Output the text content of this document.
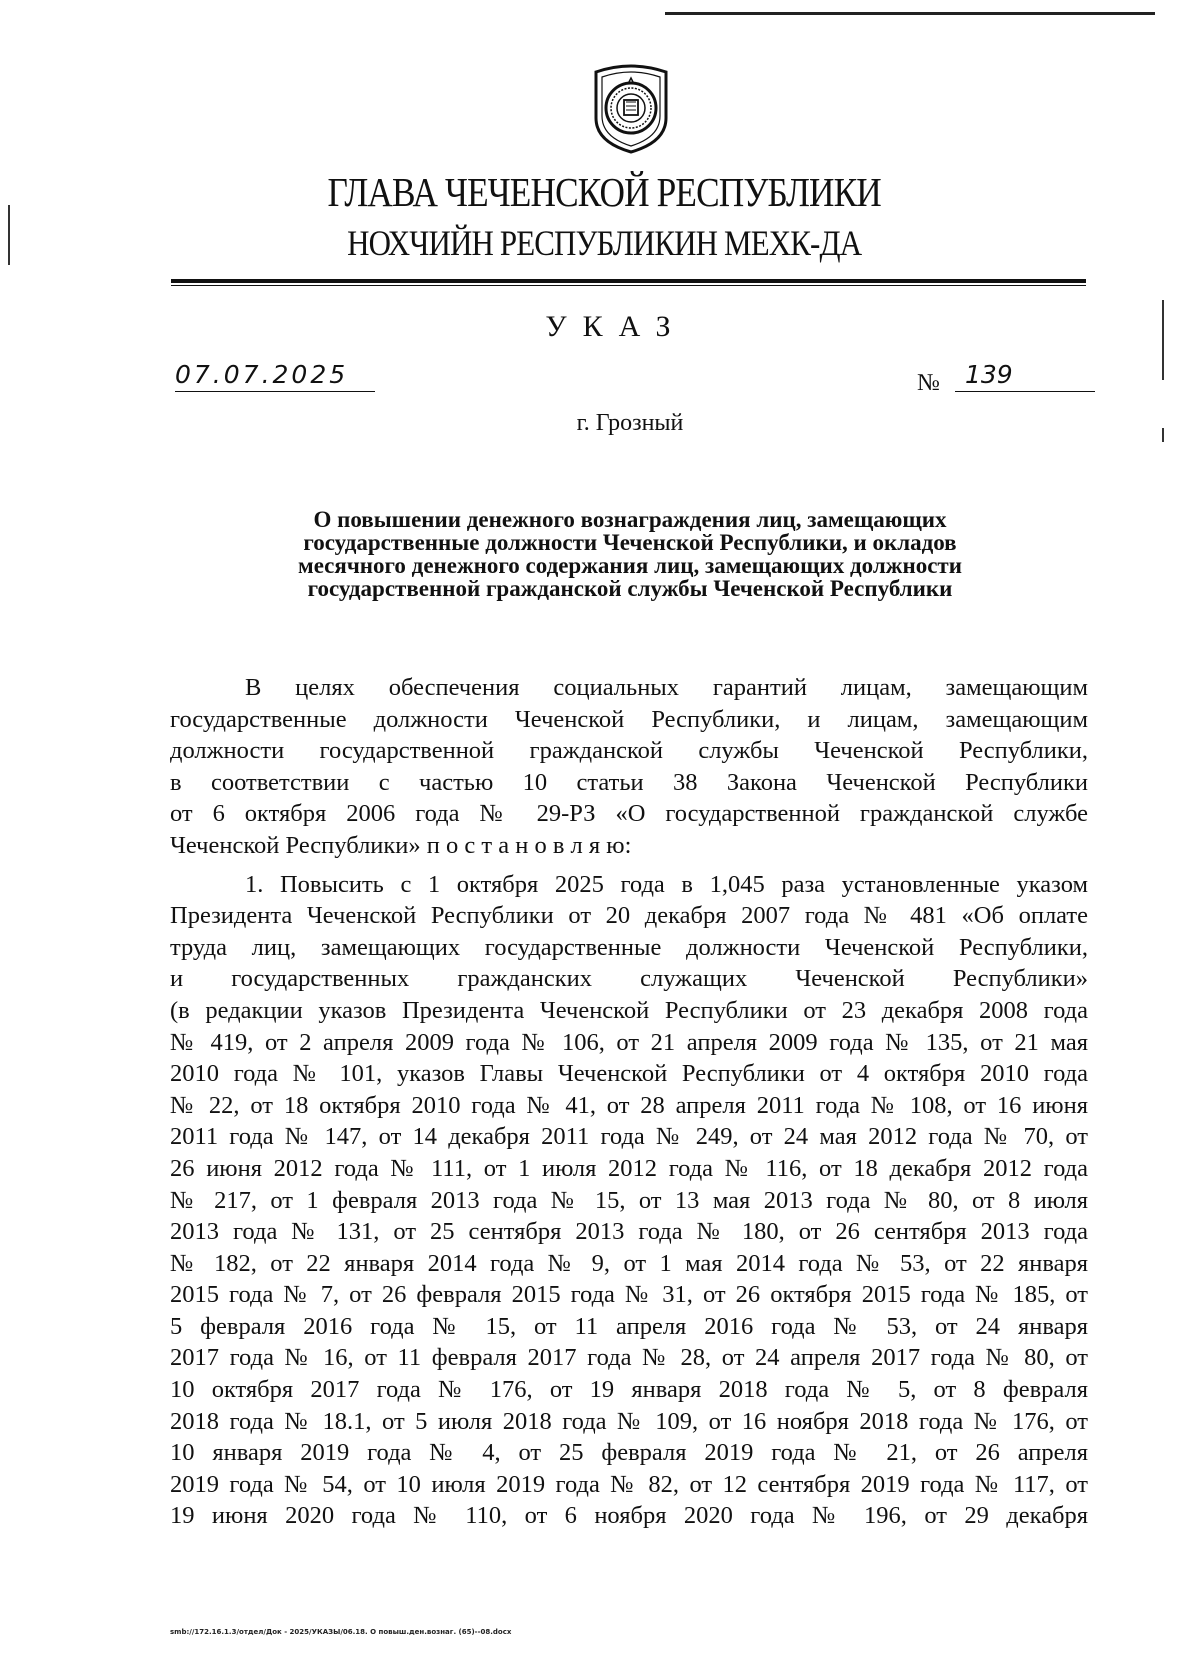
ГЛАВА ЧЕЧЕНСКОЙ РЕСПУБЛИКИ
НОХЧИЙН РЕСПУБЛИКИН МЕХК-ДА
УКАЗ
07.07.2025	№	139
г. Грозный
О повышении денежного вознаграждения лиц, замещающих
государственные должности Чеченской Республики, и окладов
месячного денежного содержания лиц, замещающих должности
государственной гражданской службы Чеченской Республики
В целях обеспечения социальных гарантий лицам, замещающим
государственные должности Чеченской Республики, и лицам, замещающим
должности государственной гражданской службы Чеченской Республики,
в соответствии с частью 10 статьи 38 Закона Чеченской Республики
от 6 октября 2006 года № 29-РЗ «О государственной гражданской службе
Чеченской Республики» п о с т а н о в л я ю:
1. Повысить с 1 октября 2025 года в 1,045 раза установленные указом
Президента Чеченской Республики от 20 декабря 2007 года № 481 «Об оплате
труда лиц, замещающих государственные должности Чеченской Республики,
и государственных гражданских служащих Чеченской Республики»
(в редакции указов Президента Чеченской Республики от 23 декабря 2008 года
№ 419, от 2 апреля 2009 года № 106, от 21 апреля 2009 года № 135, от 21 мая
2010 года № 101, указов Главы Чеченской Республики от 4 октября 2010 года
№ 22, от 18 октября 2010 года № 41, от 28 апреля 2011 года № 108, от 16 июня
2011 года № 147, от 14 декабря 2011 года № 249, от 24 мая 2012 года № 70, от
26 июня 2012 года № 111, от 1 июля 2012 года № 116, от 18 декабря 2012 года
№ 217, от 1 февраля 2013 года № 15, от 13 мая 2013 года № 80, от 8 июля
2013 года № 131, от 25 сентября 2013 года № 180, от 26 сентября 2013 года
№ 182, от 22 января 2014 года № 9, от 1 мая 2014 года № 53, от 22 января
2015 года № 7, от 26 февраля 2015 года № 31, от 26 октября 2015 года № 185, от
5 февраля 2016 года № 15, от 11 апреля 2016 года № 53, от 24 января
2017 года № 16, от 11 февраля 2017 года № 28, от 24 апреля 2017 года № 80, от
10 октября 2017 года № 176, от 19 января 2018 года № 5, от 8 февраля
2018 года № 18.1, от 5 июля 2018 года № 109, от 16 ноября 2018 года № 176, от
10 января 2019 года № 4, от 25 февраля 2019 года № 21, от 26 апреля
2019 года № 54, от 10 июля 2019 года № 82, от 12 сентября 2019 года № 117, от
19 июня 2020 года № 110, от 6 ноября 2020 года № 196, от 29 декабря
smb://172.16.1.3/отдел/Док - 2025/УКАЗЫ/06.18. О повыш.ден.вознаг. (65)--08.docx
